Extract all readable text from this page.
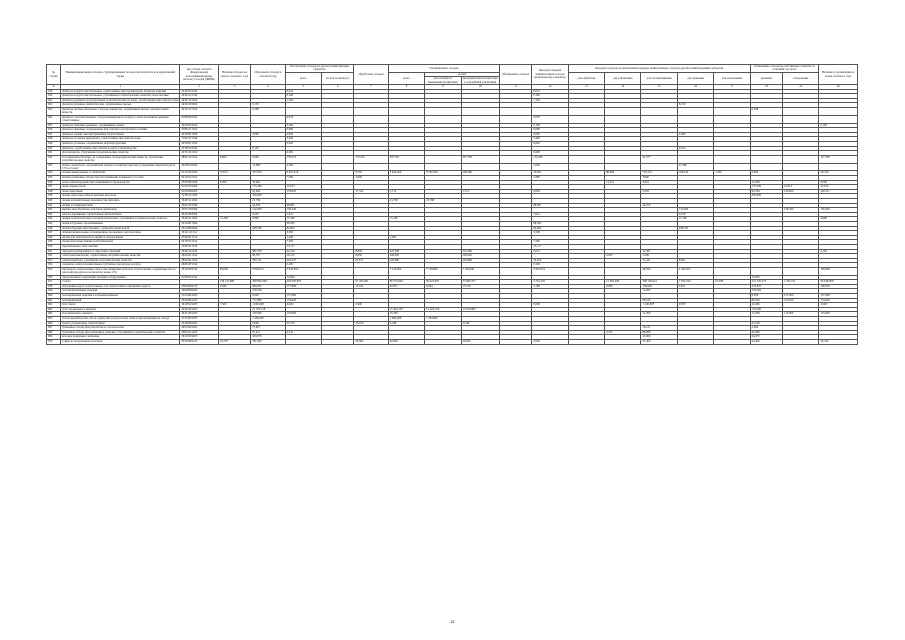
№ строки	Наименование видов отходов, сгруппированных по классам опасности для окружающей среды	Код отхода согласно Федеральному классификационному каталогу отходов (ФККО)	Наличие отходов на начало отчетного года	Образовано отходов в отчетном году	Поступление отходов из других хозяйствующих субъектов		Обработано отходов	Утилизировано отходов			Обезврежено отходов	Передача твердых коммунальных отходов региональному оператору	Передача отходов (за исключением твердых коммунальных отходов) другим хозяйствующим субъектам					Размещение отходов на собственных объектах за отчетный год, всего		Наличие в организации на конец отчетного года
					всего	из них по импорту		всего	из них				для обработки	для утилизации	для обезвреживания	для хранения	для захоронения	хранение	захоронение	
									для повторного применения (рециклинг)	предварительная подготовка к дальнейшей утилизации										
А	1	2	3	4	5	6	7	8	9	10	11	12	13	14	15	16	17	18	19	20
919	фильтры воздухоочистительные, отработанные при производстве литьевых изделий	36129251524			0,012							0,012								
920	фильтры воздухоочистительные, утратившие потребительские свойства, малоопасные	44322121524			0,100							0,100								
921	фильтры рукавные из натуральных и синтетических волокон, отработанные при очистке газов	44327121624			1,100							1,100								
922	фильтры рукавные синтетические, загрязненные пылью	44311001604		0,150												8,150				
923	фильтры светлые напольные стекловолокнистые, загрязненные пылью лакокрасочных веществ	44131111524		0,208														0,208		
924	фильтры стекловолоконные отходов вымывочного воздуха с использованием деревьев отработанные	91830261524			0,076							0,076								
925	фильтры тканевые рукавные, загрязнённые пылью	30119101614			0,200							0,100								0,100
926	фильтры тканевые, загрязненные при очистке газообразного топлива	43932111524			0,080							0,080								
927	фильтры тонкой очистки бумажные отработанные	44316015204		2,000	2,020							2,020				2,000				
928	фильтры угольные (картридж), отработанные при очистке воды	71022171524			3,400							3,400								
929	фильтры угольные, загрязнённые нефтепродуктами	44318111524			0,020							0,020								
930	фильтры, отработанные при очистке воздуха в производстве	31782321524		0,105												0,105				
931	фотоаппараты, утратившие потребительские свойства	41721111524			6,000							6,000								
932	холодильники бытовые, не содержащие озоноразрушающих веществ, утратившие потребительские свойства	48251111524	0,600	9,960	178,253		170,253	397,762		397,760		114,280			41,577					127,309
933	шлам с нефтебазы, загрязнённый нефтью и нефтепродуктами (содержание нефтепродуктов 15% и более)	44258102394		12,890	2,390							1,000				13,380				
934	шламы минеральные от нефтебазы	91311001394	70,021	357,076	8 667,418		8,593	8 664,400	8 199,282	209,280		16,691		86,908	533,331	106,422	1,564	8,664		99,310
935	шламы резиновые отходы при обслуживании подвижного состава	92111011324			7,280		3,000					4,280			3,000					
936	шлак сачной переработки алюминиевого производства	35522001294	0,200	32,091										13,231	4,061			15,400		0,000
937	шлак сварки сухой	91910101204		175,300	12,613													175,300	12,613	12,613
938	шлак сварочный	91910002204		91,494	153,818		17,322	1,712		1,712		0,000			8,392			92,184	120,000	120,211
939	шлаки смесь при добыче цветных металлов	31781111294		356,000														356,000		
940	шлаки нагревательные производства пиролиза	36105111204		23,790				23,798	23,798											
941	шлаки от комфорки печи	30413101394		44,070	98,087							98,087			44,070					
942	щебень при обработке дельтовой древесины	30531302394		112,960	136,340											112,960			136,340	136,340
943	шпалы деревянные, пропитанные антисептиком	36122304394		0,250	1,021							1,021				0,250				
944	ящики полиэтиленовые и полипропиленовые, утратившие потребительские свойства	36122111294	31,490	9,800	15,160			15,160								15,160				4,980
945	шланги буровые, прорезиненные	29112811394			68,300							68,300								
946	шланги буровые при бурении, с добычей сырой нефти	29112801394		948,700	82,000							82,000				948,700				
947	шляпки минеральные охлаждающие, прошедшие эксплуатацию	39111111314			3,500							3,500								
948	щетки для электрического ящика и оборудования	45290311514			1,400			1,400												
949	щетки щеточные машин полиэтиленовые	92170115524			7,200							7,200								
950	эмульсионные собак занятия	72207411314			13,117							13,117								
951	эмульсия разбавленная от сварочных операций	36191112334		381,970	44,149		8,849	225,280		225,280		0,012			14,387					4,100
952	электрокерамические, отработанные потребительские свойства	48252411524		66,707	19,135		8,850	100,620		100,620				0,007	2,200					
953	электроприборы, утратившие потребительские свойства	48252411524		182,131	225,237		65,617	220,680		220,680		19,450			41,411	8,001				
954	элементы электрогрецеятельные трубчатые для нагрева воздуха	48252671524			0,100							0,100								
955	эмульсии и эмульсионные смеси для шлифовки металлов отработанные, содержащие масла или нефтепродукты в количестве менее 15%	36122003314	99,000	9 826,972	5 932,854			7 118,000	7 118,000	7 118,000		5 902,654			48,700	1 342,872				109,000
956	эмульсии мылосодержащие моечные оборудования	91930221314			72,600													72,600		
957	5 класс		736 211,889	298 830,298	420 950,979		97 203,261	86 573,049	80 623,897	35 999,797		4 734,118		12 485,296	298 129,921	1 832,244	25,208	241 745,375	1 794,741	96 638,008
958	абразивные круги отработанные, лом отработанных абразивных кругов	45610002515	7,649	306,655	177,868		13,164	32,931	6,064	15,310		3,108		0,006	158,992	0,611		231,837		168,316
959	бой автомобильных изделий	34620002205		158,760											11,200			159,500		
960	бой кирпичных изделий и асфальтированных	31214012205		0,920	157,900													8,956	157,900	157,900
961	бой кирпичный	34323001205		172,900	153,620										89,616			89,234	153,620	153,620
962	бой стекла	34128101205	7,500	1 048,200	6,626		2,900					0,000			1 100,878	0,870		10,466		2,500
963	бой строительного кирпича	34321001205		15 379,118				15 423,150	15 423,150	15 023,800								155,000		
964	бой цементного кирпича	34321001205		136,006	116,000			15,300							11,200			13,208	115,000	115,000
965	бой из керамических, бетон, нерабочих разгрузочных плиток при измерении на складе	31534001205		1 484,000				1 484,000	1 484,000											
966	бумага упаковочная, отработанная	43120002203		0,600	25,476		25,476	2,548		2,548								23,528		
967	бумажные отходы при разработке и строительстве	40515001201		17,827											16,127			1,600		
968	бумажные отходы при хранении и упаковке, утратившие потребительские свойства	40913111205		67,411	0,210									2,197	88,998			32,300		
969	волокна фанерные и нетканые	30113501205		109,970											45,000			64,970		
970	гофры из натуральной заготовки	36122602215	10,270	181,840			26,000	62,600		26,600		2,000			52,300			24,400		20,310
22
